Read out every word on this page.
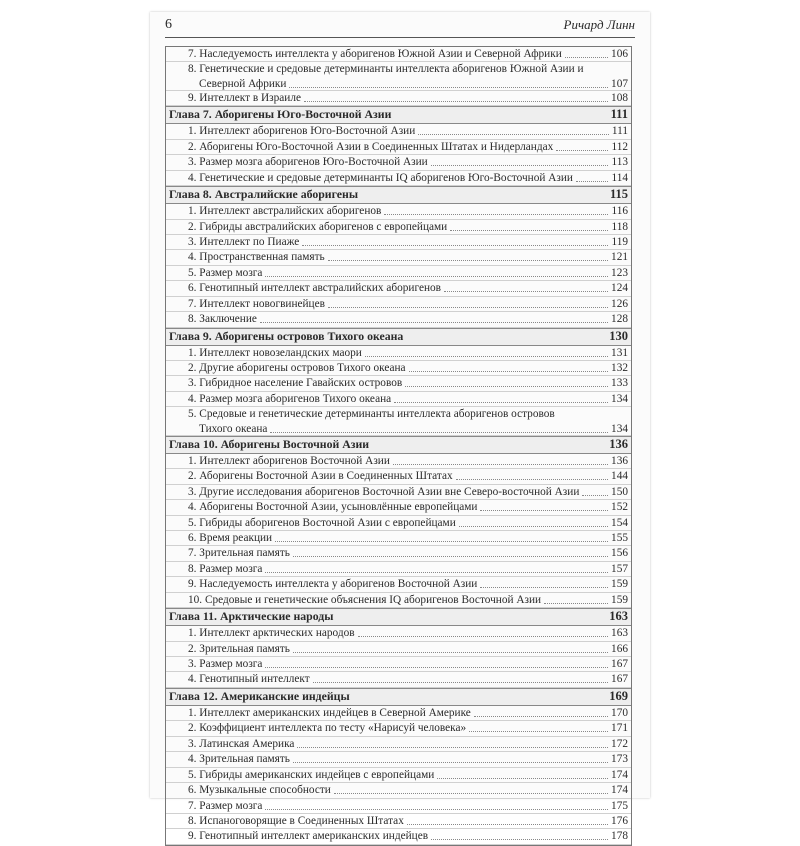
6	Ричард Линн
7. Наследуемость интеллекта у аборигенов Южной Азии и Северной Африки	106
8. Генетические и средовые детерминанты интеллекта аборигенов Южной Азии и
Северной Африки	107
9. Интеллект в Израиле	108
Глава 7. Аборигены Юго-Восточной Азии	111
1. Интеллект аборигенов Юго-Восточной Азии	111
2. Аборигены Юго-Восточной Азии в Соединенных Штатах и Нидерландах	112
3. Размер мозга аборигенов Юго-Восточной Азии	113
4. Генетические и средовые детерминанты IQ аборигенов Юго-Восточной Азии	114
Глава 8. Австралийские аборигены	115
1. Интеллект австралийских аборигенов	116
2. Гибриды австралийских аборигенов с европейцами	118
3. Интеллект по Пиаже	119
4. Пространственная память	121
5. Размер мозга	123
6. Генотипный интеллект австралийских аборигенов	124
7. Интеллект новогвинейцев	126
8. Заключение	128
Глава 9. Аборигены островов Тихого океана	130
1. Интеллект новозеландских маори	131
2. Другие аборигены островов Тихого океана	132
3. Гибридное население Гавайских островов	133
4. Размер мозга аборигенов Тихого океана	134
5. Средовые и генетические детерминанты интеллекта аборигенов островов
Тихого океана	134
Глава 10. Аборигены Восточной Азии	136
1. Интеллект аборигенов Восточной Азии	136
2. Аборигены Восточной Азии в Соединенных Штатах	144
3. Другие исследования аборигенов Восточной Азии вне Северо-восточной Азии	150
4. Аборигены Восточной Азии, усыновлённые европейцами	152
5. Гибриды аборигенов Восточной Азии с европейцами	154
6. Время реакции	155
7. Зрительная память	156
8. Размер мозга	157
9. Наследуемость интеллекта у аборигенов Восточной Азии	159
10. Средовые и генетические объяснения IQ аборигенов Восточной Азии	159
Глава 11. Арктические народы	163
1. Интеллект арктических народов	163
2. Зрительная память	166
3. Размер мозга	167
4. Генотипный интеллект	167
Глава 12. Американские индейцы	169
1. Интеллект американских индейцев в Северной Америке	170
2. Коэффициент интеллекта по тесту «Нарисуй человека»	171
3. Латинская Америка	172
4. Зрительная память	173
5. Гибриды американских индейцев с европейцами	174
6. Музыкальные способности	174
7. Размер мозга	175
8. Испаноговорящие в Соединенных Штатах	176
9. Генотипный интеллект американских индейцев	178
